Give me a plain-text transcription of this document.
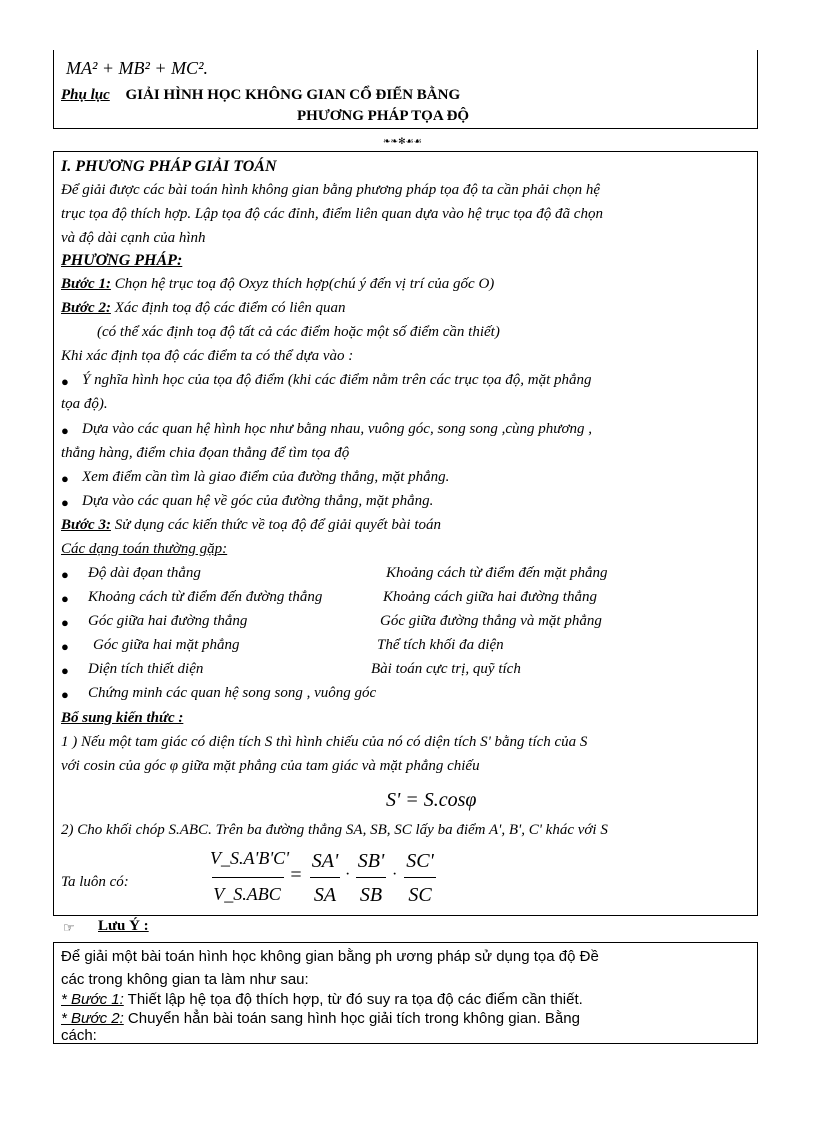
MA² + MB² + MC².
Phụ lục GIẢI HÌNH HỌC KHÔNG GIAN CỔ ĐIỂN BẰNG
PHƯƠNG PHÁP TỌA ĐỘ
❧❧✻☙☙
I. PHƯƠNG PHÁP GIẢI TOÁN
Để giải được các bài toán hình không gian bằng phương pháp tọa độ ta cần phải chọn hệ
trục tọa độ thích hợp. Lập tọa độ các đỉnh, điểm liên quan dựa vào hệ trục tọa độ đã chọn
và độ dài cạnh của hình
PHƯƠNG PHÁP:
Bước 1: Chọn hệ trục toạ độ Oxyz thích hợp(chú ý đến vị trí của gốc O)
Bước 2: Xác định toạ độ các điểm có liên quan
(có thể xác định toạ độ tất cả các điểm hoặc một số điểm cần thiết)
Khi xác định tọa độ các điểm ta có thể dựa vào :
● Ý nghĩa hình học của tọa độ điểm (khi các điểm nằm trên các trục tọa độ, mặt phẳng
tọa độ).
● Dựa vào các quan hệ hình học như bằng nhau, vuông góc, song song ,cùng phương ,
thẳng hàng, điểm chia đọan thẳng để tìm tọa độ
● Xem điểm cần tìm là giao điểm của đường thẳng, mặt phẳng.
● Dựa vào các quan hệ về góc của đường thẳng, mặt phẳng.
Bước 3: Sử dụng các kiến thức về toạ độ để giải quyết bài toán
Các dạng toán thường gặp:
● Độ dài đọan thẳng	Khoảng cách từ điểm đến mặt phẳng
● Khoảng cách từ điểm đến đường thẳng	Khoảng cách giữa hai đường thẳng
● Góc giữa hai đường thẳng	Góc giữa đường thẳng và mặt phẳng
● Góc giữa hai mặt phẳng	Thể tích khối đa diện
● Diện tích thiết diện	Bài toán cực trị, quỹ tích
● Chứng minh các quan hệ song song , vuông góc
Bổ sung kiến thức :
1 ) Nếu một tam giác có diện tích S thì hình chiếu của nó có diện tích S' bằng tích của S
với cosin của góc φ giữa mặt phẳng của tam giác và mặt phẳng chiếu
S' = S.cosφ
2) Cho khối chóp S.ABC. Trên ba đường thẳng SA, SB, SC lấy ba điểm A', B', C' khác với S
Ta luôn có:
V_S.A'B'C'
V_S.ABC
=
SA'
SA
·
SB'
SB
·
SC'
SC
☞ Lưu Ý :
Để giải một bài toán hình học không gian bằng ph ương pháp sử dụng tọa độ Đề
các trong không gian ta làm như sau:
* Bước 1: Thiết lập hệ tọa độ thích hợp, từ đó suy ra tọa độ các điểm cần thiết.
* Bước 2: Chuyển hẳn bài toán sang hình học giải tích trong không gian. Bằng
cách:
